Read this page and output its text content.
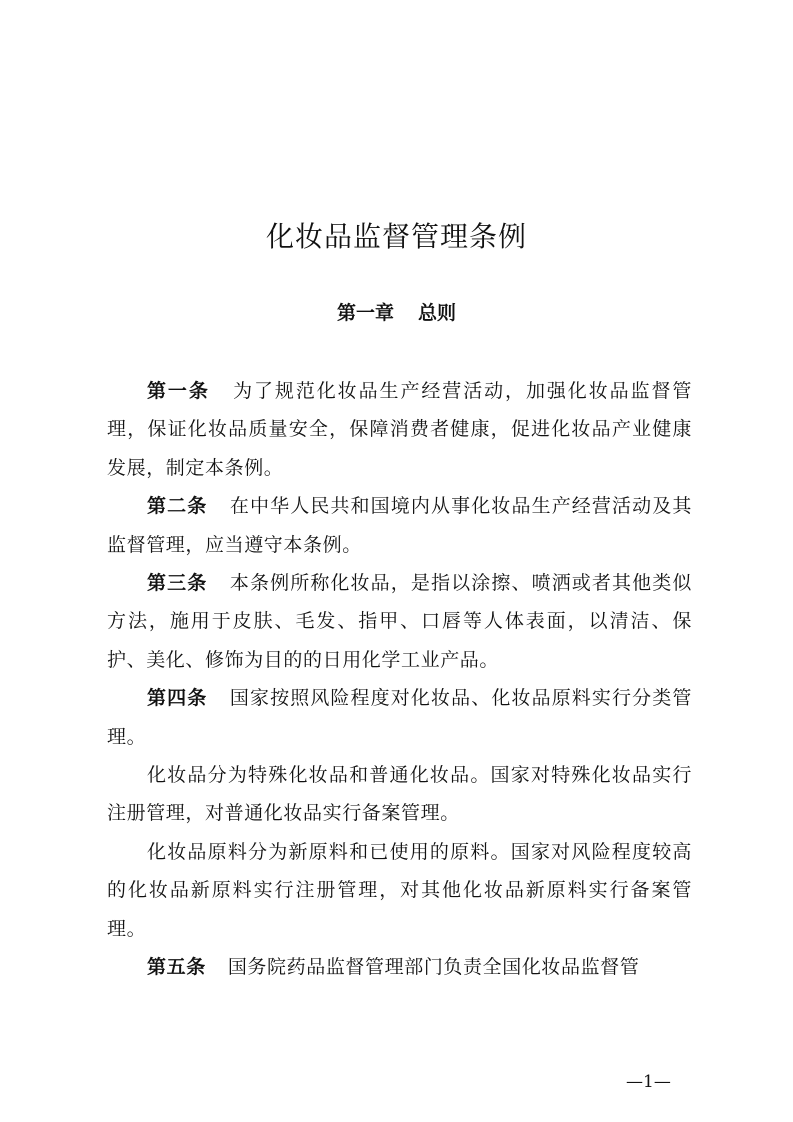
化妆品监督管理条例
第一章 总则

第一条 为了规范化妆品生产经营活动，加强化妆品监督管理，保证化妆品质量安全，保障消费者健康，促进化妆品产业健康发展，制定本条例。

第二条 在中华人民共和国境内从事化妆品生产经营活动及其监督管理，应当遵守本条例。

第三条 本条例所称化妆品，是指以涂擦、喷洒或者其他类似方法，施用于皮肤、毛发、指甲、口唇等人体表面，以清洁、保护、美化、修饰为目的的日用化学工业产品。

第四条 国家按照风险程度对化妆品、化妆品原料实行分类管理。

化妆品分为特殊化妆品和普通化妆品。国家对特殊化妆品实行注册管理，对普通化妆品实行备案管理。

化妆品原料分为新原料和已使用的原料。国家对风险程度较高的化妆品新原料实行注册管理，对其他化妆品新原料实行备案管理。

第五条 国务院药品监督管理部门负责全国化妆品监督管

—1—
